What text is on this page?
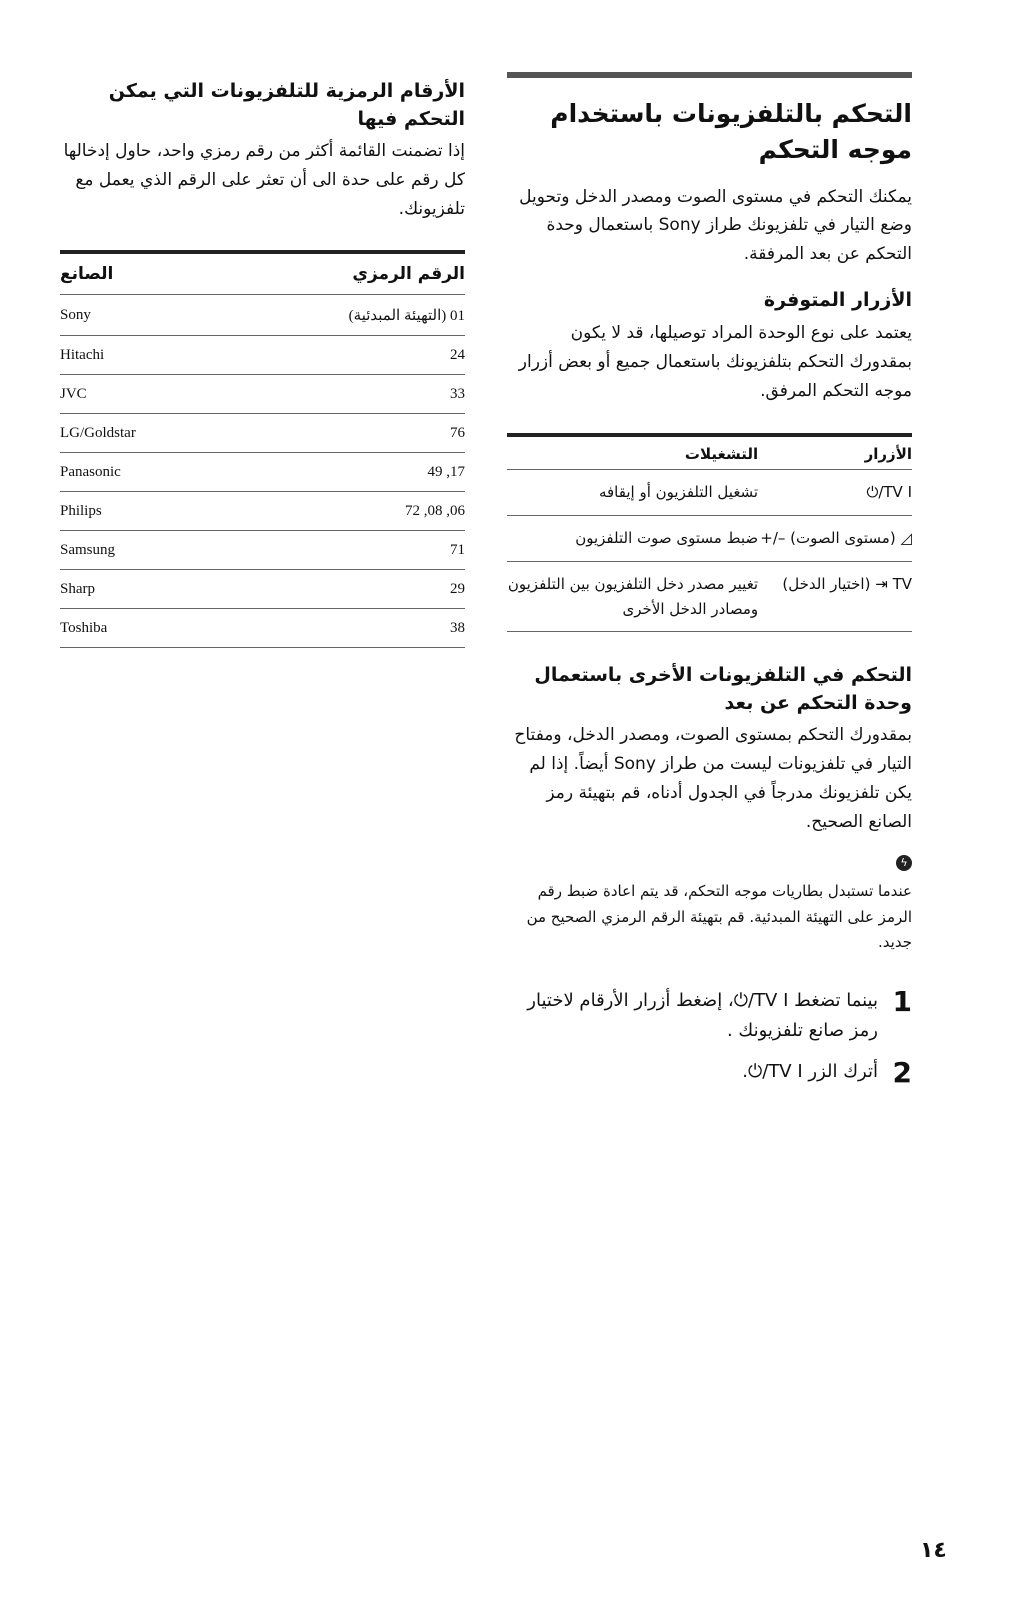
التحكم بالتلفزيونات باستخدام موجه التحكم

يمكنك التحكم في مستوى الصوت ومصدر الدخل وتحويل وضع التيار في تلفزيونك طراز Sony باستعمال وحدة التحكم عن بعد المرفقة.

الأزرار المتوفرة

يعتمد على نوع الوحدة المراد توصيلها، قد لا يكون بمقدورك التحكم بتلفزيونك باستعمال جميع أو بعض أزرار موجه التحكم المرفق.

الأزرار	التشغيلات
TV I/⏻	تشغيل التلفزيون أو إيقافه
◿ (مستوى الصوت) –/+	ضبط مستوى صوت التلفزيون
TV ⇥ (اختيار الدخل)	تغيير مصدر دخل التلفزيون بين التلفزيون ومصادر الدخل الأخرى
التحكم في التلفزيونات الأخرى باستعمال وحدة التحكم عن بعد

بمقدورك التحكم بمستوى الصوت، ومصدر الدخل، ومفتاح التيار في تلفزيونات ليست من طراز Sony أيضاً. إذا لم يكن تلفزيونك مدرجاً في الجدول أدناه، قم بتهيئة رمز الصانع الصحيح.

ϟ

عندما تستبدل بطاريات موجه التحكم، قد يتم اعادة ضبط رقم الرمز على التهيئة المبدئية. قم بتهيئة الرقم الرمزي الصحيح من جديد.

1
بينما تضغط TV I/⏻، إضغط أزرار الأرقام لاختيار رمز صانع تلفزيونك .
2
أترك الزر TV I/⏻.
الأرقام الرمزية للتلفزيونات التي يمكن التحكم فيها

إذا تضمنت القائمة أكثر من رقم رمزي واحد، حاول إدخالها كل رقم على حدة الى أن تعثر على الرقم الذي يعمل مع تلفزيونك.

الرقم الرمزي	الصانع
01 (التهيئة المبدئية)	Sony
24	Hitachi
33	JVC
76	LG/Goldstar
17, 49	Panasonic
06, 08, 72	Philips
71	Samsung
29	Sharp
38	Toshiba
١٤
